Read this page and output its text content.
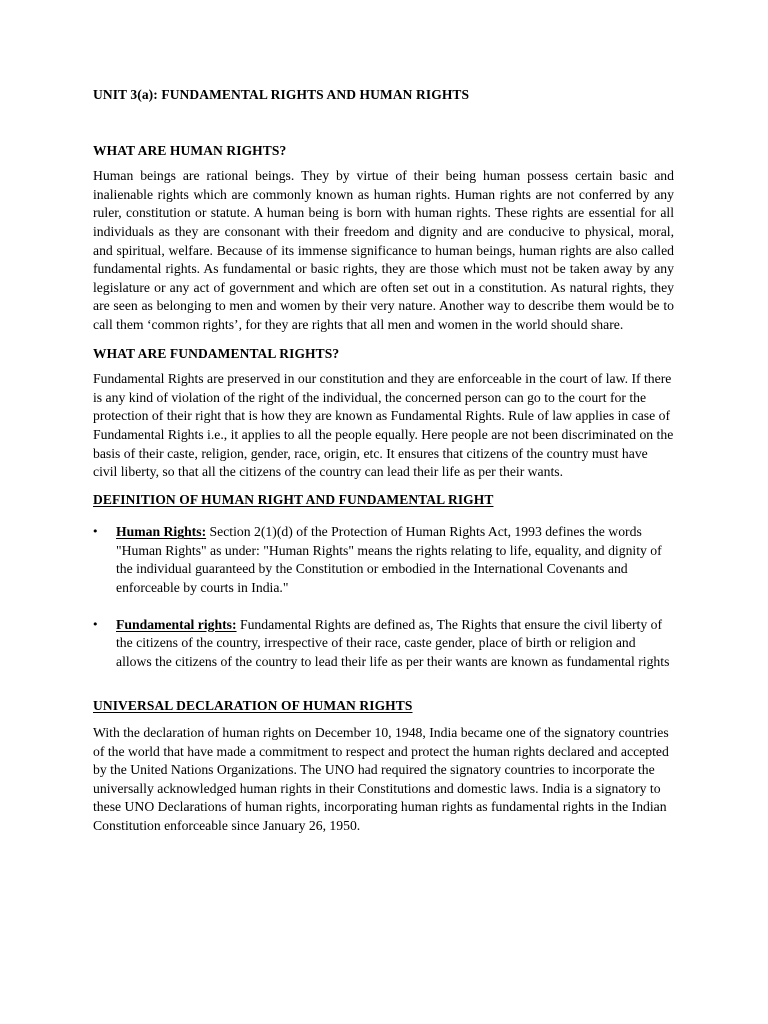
UNIT 3(a): FUNDAMENTAL RIGHTS AND HUMAN RIGHTS
WHAT ARE HUMAN RIGHTS?

Human beings are rational beings. They by virtue of their being human possess certain basic and inalienable rights which are commonly known as human rights. Human rights are not conferred by any ruler, constitution or statute. A human being is born with human rights. These rights are essential for all individuals as they are consonant with their freedom and dignity and are conducive to physical, moral, and spiritual, welfare. Because of its immense significance to human beings, human rights are also called fundamental rights. As fundamental or basic rights, they are those which must not be taken away by any legislature or any act of government and which are often set out in a constitution. As natural rights, they are seen as belonging to men and women by their very nature. Another way to describe them would be to call them ‘common rights’, for they are rights that all men and women in the world should share.

WHAT ARE FUNDAMENTAL RIGHTS?

Fundamental Rights are preserved in our constitution and they are enforceable in the court of law. If there is any kind of violation of the right of the individual, the concerned person can go to the court for the protection of their right that is how they are known as Fundamental Rights. Rule of law applies in case of Fundamental Rights i.e., it applies to all the people equally. Here people are not been discriminated on the basis of their caste, religion, gender, race, origin, etc. It ensures that citizens of the country must have civil liberty, so that all the citizens of the country can lead their life as per their wants.

DEFINITION OF HUMAN RIGHT AND FUNDAMENTAL RIGHT
• Human Rights: Section 2(1)(d) of the Protection of Human Rights Act, 1993 defines the words "Human Rights" as under: "Human Rights" means the rights relating to life, equality, and dignity of the individual guaranteed by the Constitution or embodied in the International Covenants and enforceable by courts in India."
• Fundamental rights: Fundamental Rights are defined as, The Rights that ensure the civil liberty of the citizens of the country, irrespective of their race, caste gender, place of birth or religion and allows the citizens of the country to lead their life as per their wants are known as fundamental rights
UNIVERSAL DECLARATION OF HUMAN RIGHTS

With the declaration of human rights on December 10, 1948, India became one of the signatory countries of the world that have made a commitment to respect and protect the human rights declared and accepted by the United Nations Organizations. The UNO had required the signatory countries to incorporate the universally acknowledged human rights in their Constitutions and domestic laws. India is a signatory to these UNO Declarations of human rights, incorporating human rights as fundamental rights in the Indian Constitution enforceable since January 26, 1950.
